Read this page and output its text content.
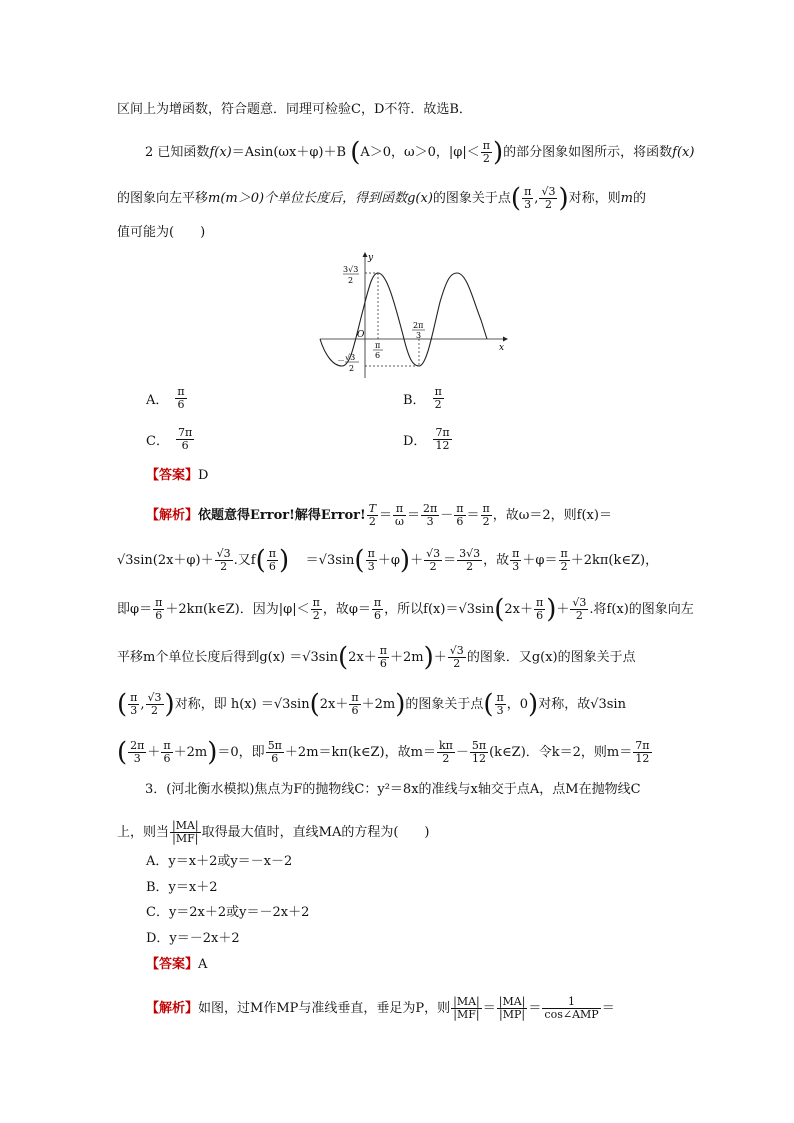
区间上为增函数，符合题意．同理可检验C，D不符．故选B．
2 已知函数f(x)＝Asin(ωx＋φ)＋B (A＞0，ω＞0，$|\varphi|< \frac{\pi}{2}$ )的部分图象如图所示，将函数f(x)
的图象向左平移m(m＞0)个单位长度后，得到函数g(x)的图象关于点( $\frac{\pi}{3}$ , $\frac{√3}{2}$ )对称，则m的
值可能为(　　)
y
x
O
3√3
2
－ √3
2
π
6
2π
3
A． $\frac{\pi}{6}$	B． $\frac{\pi}{2}$
C． $\frac{7\pi}{6}$	D． $\frac{7\pi}{12}$
【答案】D
【解析】依题意得Error!解得Error! $\frac{T}{2} = \frac{\pi}{\omega} = \frac{2\pi}{3} - \frac{\pi}{6} = \frac{\pi}{2}$ ，故ω＝2，则f(x)＝
$√3\sin(2x+\varphi)+ \frac{√3}{2}$ .又$f( \frac{\pi}{6}$ ) $=√3\sin( \frac{\pi}{3} +\varphi)+ \frac{√3}{2} = \frac{3√3}{2}$ ，故 $\frac{\pi}{3} +\varphi= \frac{\pi}{2}$ ＋2kπ(k∈Z)，
即$\varphi= \frac{\pi}{6}$ ＋2kπ(k∈Z)．因为$|\varphi|< \frac{\pi}{2}$ ，故$\varphi= \frac{\pi}{6}$ ，所以$f(x)=√3\sin(2x+ \frac{\pi}{6}$ )＋ $\frac{√3}{2}$ .将f(x)的图象向左
平移m个单位长度后得到$g(x) =√3\sin(2x+ \frac{\pi}{6} +2m)+ \frac{√3}{2}$ 的图象．又g(x)的图象关于点
( $\frac{\pi}{3}$ , $\frac{√3}{2}$ )对称，即 $h(x) =√3\sin(2x+ \frac{\pi}{6} +2m)$的图象关于点( $\frac{\pi}{3}$ ，0)对称，故√3sin
( $\frac{2\pi}{3} + \frac{\pi}{6} +2m)=0$，即 $\frac{5\pi}{6}$ ＋2m＝kπ(k∈Z)，故$m= \frac{k\pi}{2} - \frac{5\pi}{12}$ (k∈Z)．令k＝2，则$m= \frac{7\pi}{12}$
3．(河北衡水模拟)焦点为F的抛物线C：y²＝8x的准线与x轴交于点A，点M在抛物线C
上，则当 $\frac{|MA|}{|MF|}$ 取得最大值时，直线MA的方程为(　　)
A．y＝x＋2或y＝－x－2
B．y＝x＋2
C．y＝2x＋2或y＝－2x＋2
D．y＝－2x＋2
【答案】A
【解析】如图，过M作MP与准线垂直，垂足为P，则 $\frac{|MA|}{|MF|} = \frac{|MA|}{|MP|} = \frac{1}{\text{cos∠AMP}}$ ＝
